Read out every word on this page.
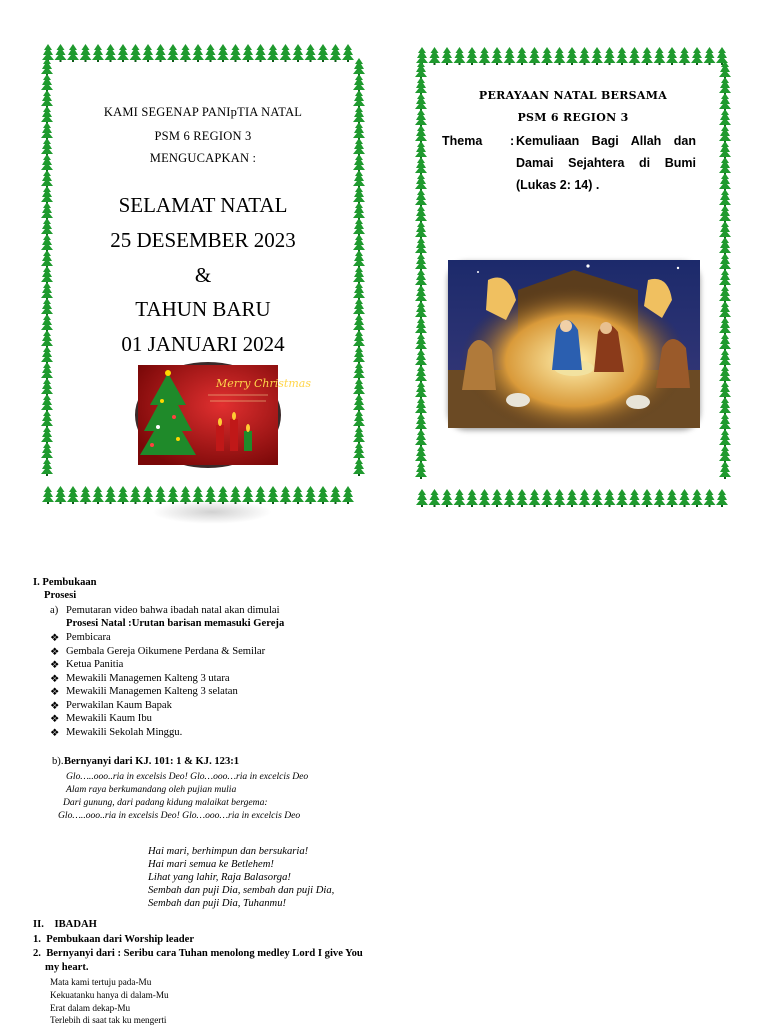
KAMI SEGENAP PANIpTIA NATAL
PSM 6 REGION 3
MENGUCAPKAN :
SELAMAT NATAL
25 DESEMBER 2023
&
TAHUN BARU
01 JANUARI 2024
Merry Christmas
PERAYAAN NATAL BERSAMA
PSM 6 REGION 3
Thema : Kemuliaan Bagi Allah dan
Damai Sejahtera di Bumi
(Lukas 2: 14) .
I. Pembukaan
Prosesi
a) Pemutaran video bahwa ibadah natal akan dimulai
Prosesi Natal :Urutan barisan memasuki Gereja
❖ Pembicara
❖ Gembala Gereja Oikumene Perdana & Semilar
❖ Ketua Panitia
❖ Mewakili Managemen Kalteng 3 utara
❖ Mewakili Managemen Kalteng 3 selatan
❖ Perwakilan Kaum Bapak
❖ Mewakili Kaum Ibu
❖ Mewakili Sekolah Minggu.
b). Bernyanyi dari KJ. 101: 1 & KJ. 123:1
Glo…..ooo..ria in excelsis Deo! Glo…ooo…ria in excelcis Deo
Alam raya berkumandang oleh pujian mulia
Dari gunung, dari padang kidung malaikat bergema:
Glo…..ooo..ria in excelsis Deo! Glo…ooo…ria in excelcis Deo
Hai mari, berhimpun dan bersukaria!
Hai mari semua ke Betlehem!
Lihat yang lahir, Raja Balasorga!
Sembah dan puji Dia, sembah dan puji Dia,
Sembah dan puji Dia, Tuhanmu!
II.    IBADAH
1.  Pembukaan dari Worship leader
2.  Bernyanyi dari : Seribu cara Tuhan menolong medley Lord I give You
my heart.
Mata kami tertuju pada-Mu
Kekuatanku hanya di dalam-Mu
Erat dalam dekap-Mu
Terlebih di saat tak ku mengerti
